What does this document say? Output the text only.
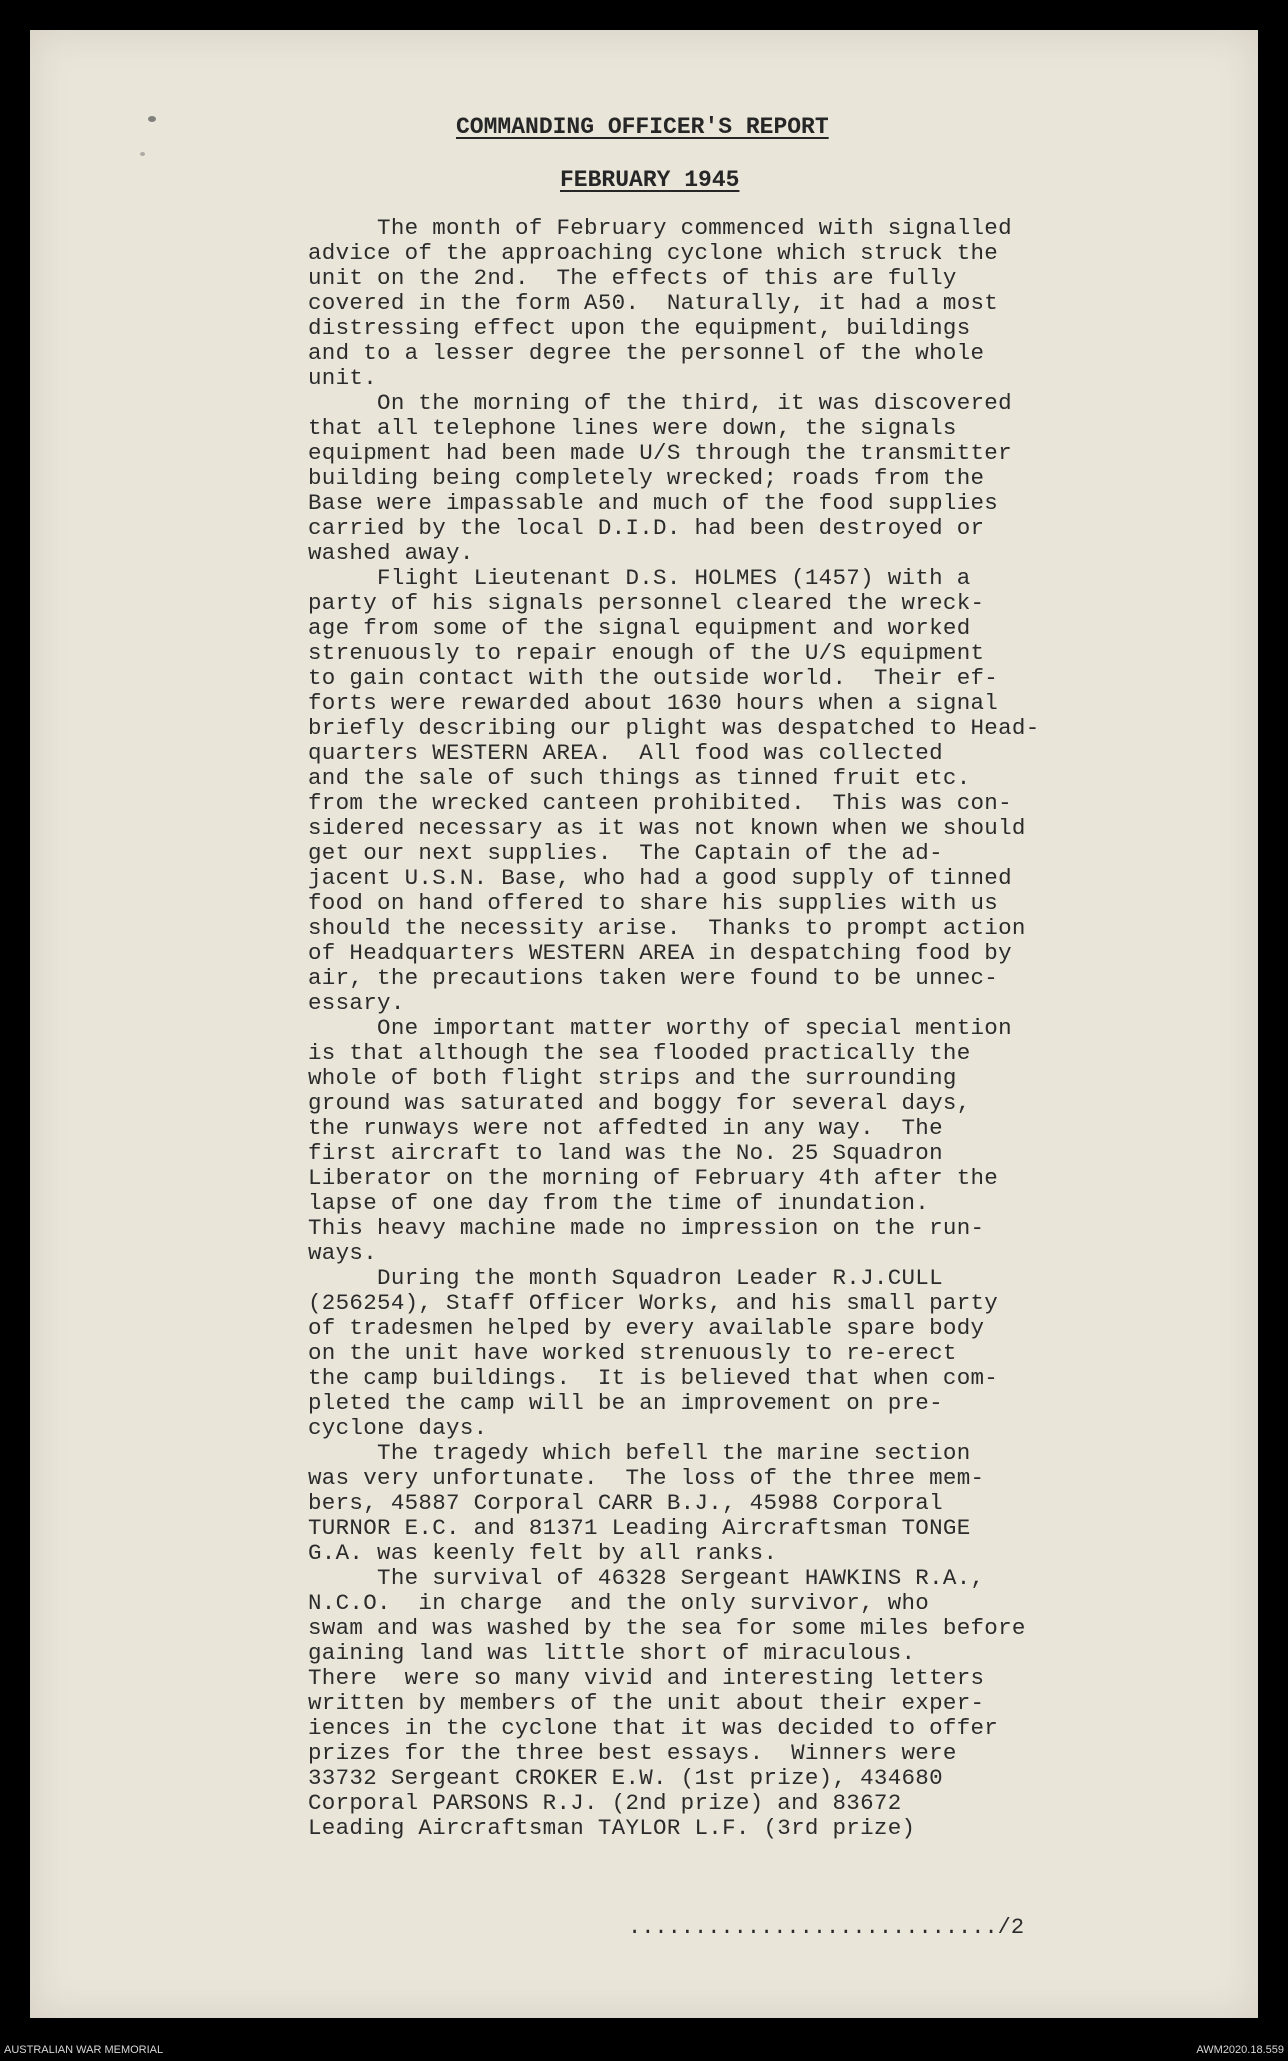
COMMANDING OFFICER'S REPORT
FEBRUARY 1945
The month of February commenced with signalled
advice of the approaching cyclone which struck the
unit on the 2nd.  The effects of this are fully
covered in the form A50.  Naturally, it had a most
distressing effect upon the equipment, buildings
and to a lesser degree the personnel of the whole
unit.
On the morning of the third, it was discovered
that all telephone lines were down, the signals
equipment had been made U/S through the transmitter
building being completely wrecked; roads from the
Base were impassable and much of the food supplies
carried by the local D.I.D. had been destroyed or
washed away.
Flight Lieutenant D.S. HOLMES (1457) with a
party of his signals personnel cleared the wreck-
age from some of the signal equipment and worked
strenuously to repair enough of the U/S equipment
to gain contact with the outside world.  Their ef-
forts were rewarded about 1630 hours when a signal
briefly describing our plight was despatched to Head-
quarters WESTERN AREA.  All food was collected
and the sale of such things as tinned fruit etc.
from the wrecked canteen prohibited.  This was con-
sidered necessary as it was not known when we should
get our next supplies.  The Captain of the ad-
jacent U.S.N. Base, who had a good supply of tinned
food on hand offered to share his supplies with us
should the necessity arise.  Thanks to prompt action
of Headquarters WESTERN AREA in despatching food by
air, the precautions taken were found to be unnec-
essary.
One important matter worthy of special mention
is that although the sea flooded practically the
whole of both flight strips and the surrounding
ground was saturated and boggy for several days,
the runways were not affedted in any way.  The
first aircraft to land was the No. 25 Squadron
Liberator on the morning of February 4th after the
lapse of one day from the time of inundation.
This heavy machine made no impression on the run-
ways.
During the month Squadron Leader R.J.CULL
(256254), Staff Officer Works, and his small party
of tradesmen helped by every available spare body
on the unit have worked strenuously to re-erect
the camp buildings.  It is believed that when com-
pleted the camp will be an improvement on pre-
cyclone days.
The tragedy which befell the marine section
was very unfortunate.  The loss of the three mem-
bers, 45887 Corporal CARR B.J., 45988 Corporal
TURNOR E.C. and 81371 Leading Aircraftsman TONGE
G.A. was keenly felt by all ranks.
The survival of 46328 Sergeant HAWKINS R.A.,
N.C.O.  in charge  and the only survivor, who
swam and was washed by the sea for some miles before
gaining land was little short of miraculous.
There  were so many vivid and interesting letters
written by members of the unit about their exper-
iences in the cyclone that it was decided to offer
prizes for the three best essays.  Winners were
33732 Sergeant CROKER E.W. (1st prize), 434680
Corporal PARSONS R.J. (2nd prize) and 83672
Leading Aircraftsman TAYLOR L.F. (3rd prize)
............................/2
AUSTRALIAN WAR MEMORIAL	AWM2020.18.559
